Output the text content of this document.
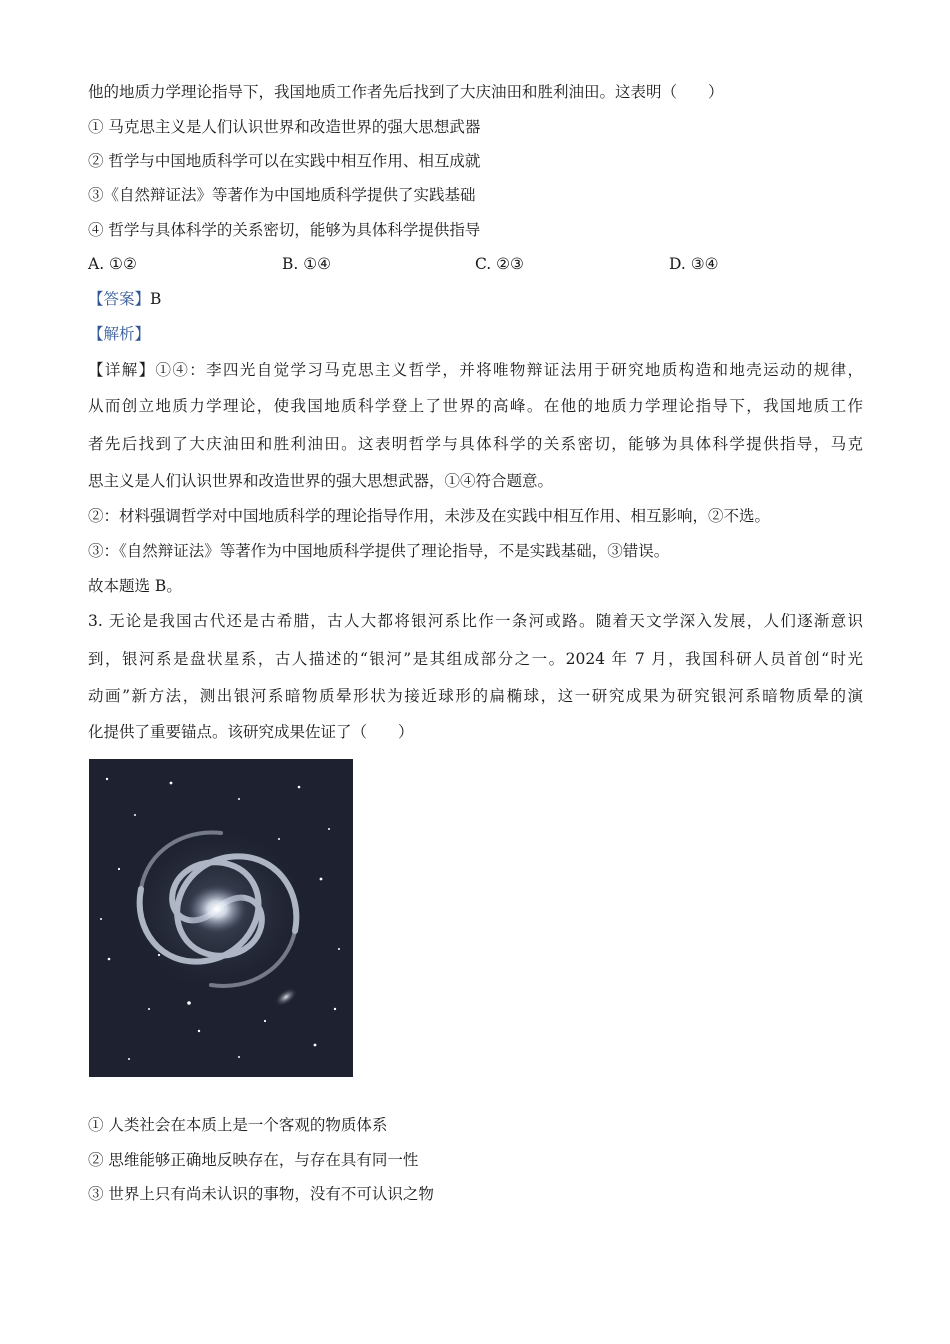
他的地质力学理论指导下，我国地质工作者先后找到了大庆油田和胜利油田。这表明（　　）
① 马克思主义是人们认识世界和改造世界的强大思想武器
② 哲学与中国地质科学可以在实践中相互作用、相互成就
③《自然辩证法》等著作为中国地质科学提供了实践基础
④ 哲学与具体科学的关系密切，能够为具体科学提供指导
A. ①②	B. ①④	C. ②③	D. ③④
【答案】B
【解析】
【详解】①④：李四光自觉学习马克思主义哲学，并将唯物辩证法用于研究地质构造和地壳运动的规律，
从而创立地质力学理论，使我国地质科学登上了世界的高峰。在他的地质力学理论指导下，我国地质工作
者先后找到了大庆油田和胜利油田。这表明哲学与具体科学的关系密切，能够为具体科学提供指导，马克
思主义是人们认识世界和改造世界的强大思想武器，①④符合题意。
②：材料强调哲学对中国地质科学的理论指导作用，未涉及在实践中相互作用、相互影响，②不选。
③：《自然辩证法》等著作为中国地质科学提供了理论指导，不是实践基础，③错误。
故本题选 B。
3. 无论是我国古代还是古希腊，古人大都将银河系比作一条河或路。随着天文学深入发展，人们逐渐意识
到，银河系是盘状星系，古人描述的“银河”是其组成部分之一。2024 年 7 月，我国科研人员首创“时光
动画”新方法，测出银河系暗物质晕形状为接近球形的扁椭球，这一研究成果为研究银河系暗物质晕的演
化提供了重要锚点。该研究成果佐证了（　　）
① 人类社会在本质上是一个客观的物质体系
② 思维能够正确地反映存在，与存在具有同一性
③ 世界上只有尚未认识的事物，没有不可认识之物
